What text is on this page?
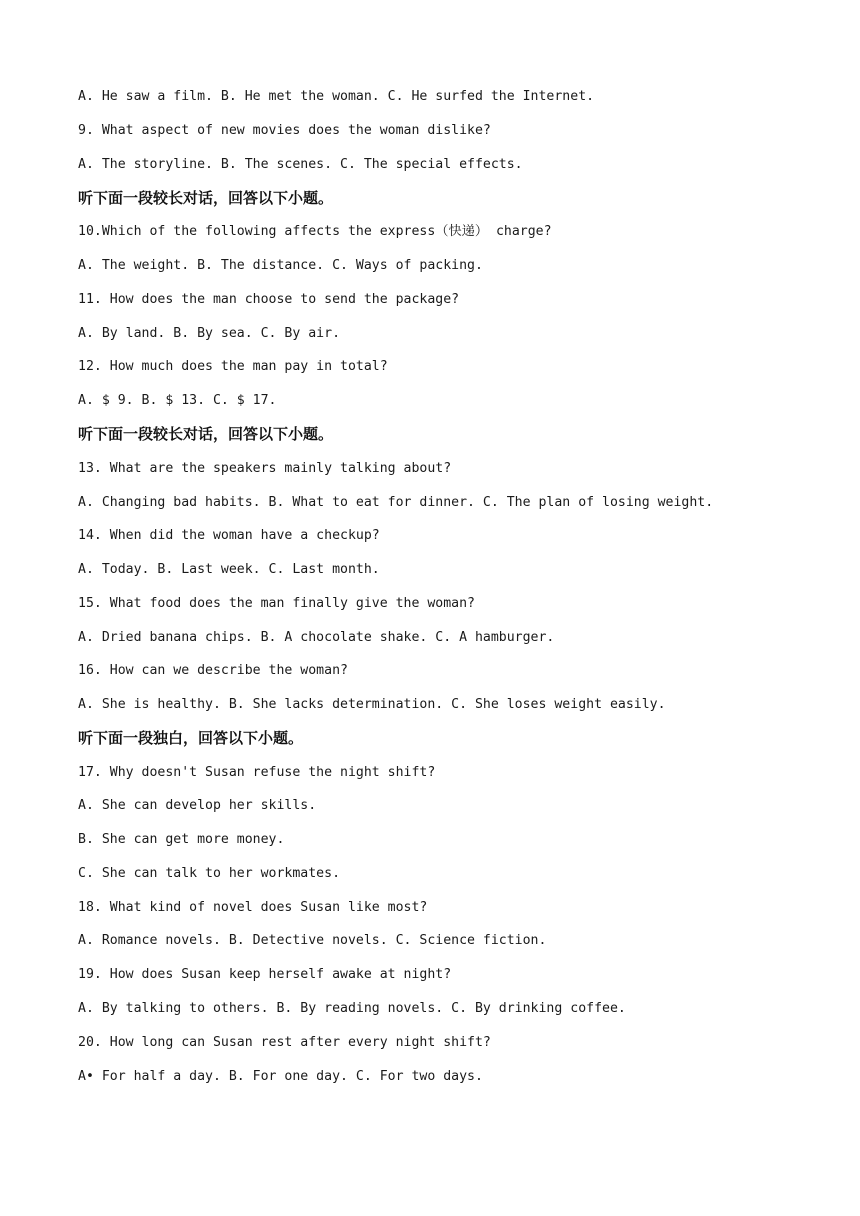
A. He saw a film. B. He met the woman. C. He surfed the Internet.
9. What aspect of new movies does the woman dislike?
A. The storyline. B. The scenes. C. The special effects.
听下面一段较长对话，回答以下小题。
10.Which of the following affects the express（快递） charge?
A. The weight. B. The distance. C. Ways of packing.
11. How does the man choose to send the package?
A. By land. B. By sea. C. By air.
12. How much does the man pay in total?
A. $ 9. B. $ 13. C. $ 17.
听下面一段较长对话，回答以下小题。
13. What are the speakers mainly talking about?
A. Changing bad habits. B. What to eat for dinner. C. The plan of losing weight.
14. When did the woman have a checkup?
A. Today. B. Last week. C. Last month.
15. What food does the man finally give the woman?
A. Dried banana chips. B. A chocolate shake. C. A hamburger.
16. How can we describe the woman?
A. She is healthy. B. She lacks determination. C. She loses weight easily.
听下面一段独白，回答以下小题。
17. Why doesn't Susan refuse the night shift?
A. She can develop her skills.
B. She can get more money.
C. She can talk to her workmates.
18. What kind of novel does Susan like most?
A. Romance novels. B. Detective novels. C. Science fiction.
19. How does Susan keep herself awake at night?
A. By talking to others. B. By reading novels. C. By drinking coffee.
20. How long can Susan rest after every night shift?
A• For half a day. B. For one day. C. For two days.
